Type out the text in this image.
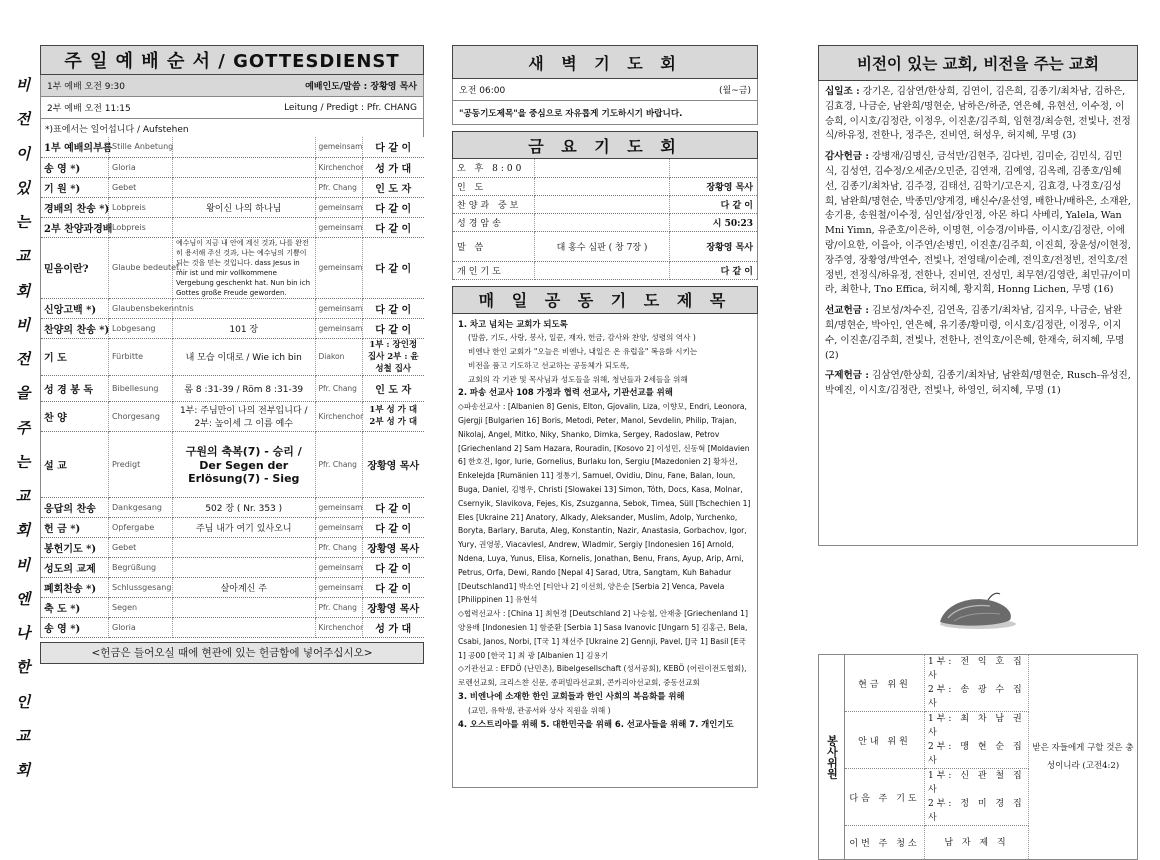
비
전
이
있
는
교
회
비
전
을
주
는
교
회
비
엔
나
한
인
교
회
주 일 예 배 순 서 / GOTTESDIENST
1부 예배 오전 9:30	예배인도/말씀 : 장황영 목사
2부 예배 오전 11:15	Leitung / Predigt : Pfr. CHANG
*)표에서는 일어섭니다 / Aufstehen
1부 예배의부름	Stille Anbetung		gemeinsam	다 같 이
송 영 *)	Gloria		Kirchenchor	성 가 대
기 원 *)	Gebet		Pfr. Chang	인 도 자
경배의 찬송 *)	Lobpreis	왕이신 나의 하나님	gemeinsam	다 같 이
2부 찬양과경배	Lobpreis		gemeinsam	다 같 이
믿음이란?	Glaube bedeutet,	예수님이 지금 내 안에 계신 것과, 나를 완전히 용서해 주신 것과, 나는 예수님의 기쁨이 되는 것을 믿는 것입니다. dass Jesus in mir ist und mir vollkommene Vergebung geschenkt hat. Nun bin ich Gottes große Freude geworden.	gemeinsam	다 같 이
신앙고백 *)	Glaubensbekenntnis		gemeinsam	다 같 이
찬양의 찬송 *)	Lobgesang	101 장	gemeinsam	다 같 이
기 도	Fürbitte	내 모습 이대로 / Wie ich bin	Diakon	1부 : 장인정 집사 2부 : 윤성철 집사
성 경 봉 독	Bibellesung	롬 8 :31-39 / Röm 8 :31-39	Pfr. Chang	인 도 자
찬 양	Chorgesang	1부: 주님만이 나의 전부입니다 / 2부: 높이세 그 이름 예수	Kirchenchor	1부 성 가 대 2부 성 가 대
설 교	Predigt	구원의 축복(7) - 승리 / Der Segen der Erlösung(7) - Sieg	Pfr. Chang	장황영 목사
응답의 찬송	Dankgesang	502 장 ( Nr. 353 )	gemeinsam	다 같 이
헌 금 *)	Opfergabe	주님 내가 여기 있사오니	gemeinsam	다 같 이
봉헌기도 *)	Gebet		Pfr. Chang	장황영 목사
성도의 교제	Begrüßung		gemeinsam	다 같 이
폐회찬송 *)	Schlussgesang	살아계신 주	gemeinsam	다 같 이
축 도 *)	Segen		Pfr. Chang	장황영 목사
송 영 *)	Gloria		Kirchenchor	성 가 대
<헌금은 들어오실 때에 현관에 있는 헌금함에 넣어주십시오>
새 벽 기 도 회
오전 06:00	(월~금)
"공동기도제목"을 중심으로 자유롭게 기도하시기 바랍니다.
금 요 기 도 회
오 후 8:00		
인 도		장황영 목사
찬양과 중보		다 같 이
성경암송		시 50:23
말 씀	대 홍수 심판 ( 창 7장 )	장황영 목사
개인기도		다 같 이
매 일 공 동 기 도 제 목
1. 차고 넘치는 교회가 되도록
(말씀, 기도, 사랑, 봉사, 일꾼, 재자, 헌금, 감사와 찬양, 성령의 역사 )
비엔나 한인 교회가 "오늘은 비엔나, 내일은 온 유럽을" 복음화 시키는
비전을 품고 기도하고 선교하는 공동체가 되도록,
교회의 각 기관 및 목사님과 성도들을 위해, 청년들과 2세들을 위해
2. 파송 선교사 108 가정과 협력 선교사, 기관선교를 위해
◇파송선교사 : [Albanien 8] Genis, Elton, Gjovalin, Liza, 이향모, Endri, Leonora, Gjergji [Bulgarien 16] Boris, Metodi, Peter, Manol, Sevdelin, Philip, Trajan, Nikolaj, Angel, Mitko, Niky, Shanko, Dimka, Sergey, Radoslaw, Petrov [Griechenland 2] Sam Hazara, Rouradin, [Kosovo 2] 이성민, 신동혁 [Moldavien 6] 한호진, Igor, Iurie, Gornelius, Burlaku Ion, Sergiu [Mazedonien 2] 황차선, Enkelejda [Rumänien 11] 정통기, Samuel, Ovidiu, Dinu, Fane, Balan, Ioun, Buga, Daniel, 김병우, Christi [Slowakei 13] Simon, Tóth, Docs, Kasa, Molnar, Csernyik, Slavikova, Fejes, Kis, Zsuzganna, Sebok, Timea, Süll [Tschechien 1] Eles [Ukraine 21] Anatory, Alkady, Aleksander, Muslim, Adolp, Yurchenko, Boryta, Barlary, Baruta, Aleg, Konstantin, Nazir, Anastasia, Gorbachov, Igor, Yury, 권영봉, Viacavlesl, Andrew, Wladmir, Sergiy [Indonesien 16] Arnold, Ndena, Luya, Yunus, Elisa, Kornelis, Jonathan, Benu, Frans, Ayup, Arip, Arni, Petrus, Orfa, Dewi, Rando [Nepal 4] Sarad, Utra, Sangtam, Kuh Bahadur [Deutschland1] 박소연 [티안나 2] 이선희, 양은순 [Serbia 2] Venca, Pavela [Philippinen 1] 유현석
◇협력선교사 : [China 1] 최현경 [Deutschland 2] 나승철, 안재충 [Griechenland 1] 양용배 [Indonesien 1] 함준환 [Serbia 1] Sasa Ivanovic [Ungarn 5] 김홍근, Bela, Csabi, Janos, Norbi, [T국 1] 채선주 [Ukraine 2] Gennji, Pavel, [J국 1] Basil [E국 1] 공00 [한국 1] 최 광 [Albanien 1] 김용기
◇기관선교 : EFDÖ (난민촌), Bibelgesellschaft (성서공회), KEBÖ (어린이전도협회), 로렌선교회, 크리스챤 신문, 종퍼빌라선교회, 콘카리아선교회, 중동선교회
3. 비엔나에 소재한 한인 교회들과 한인 사회의 복음화를 위해
(교민, 유학생, 관공서와 상사 직원을 위해 )
4. 오스트리아를 위해 5. 대한민국을 위해 6. 선교사들을 위해 7. 개인기도
비전이 있는 교회, 비전을 주는 교회

십일조 : 강기온, 김삼연/한상희, 김연이, 김은희, 김종기/최차남, 김하은, 김효경, 나금순, 남완희/명현순, 남하은/하준, 연은혜, 유현선, 이수정, 이승희, 이시호/김정란, 이정우, 이진훈/김주희, 임현경/최승현, 전빛나, 전정식/하유정, 전한나, 정주은, 진비연, 허성우, 허지혜, 무명 (3)

감사헌금 : 강병재/김명신, 금석만/김현주, 김다빈, 김미순, 김민식, 김민식, 김성연, 김수정/오세준/오민준, 김연재, 김예영, 김옥례, 김종호/임혜선, 김종기/최차남, 김주경, 김태선, 김학기/고은지, 김효경, 나경호/김성희, 남완희/명현순, 박종민/양계경, 배신수/윤선영, 배한나/배하은, 소재완, 송기용, 송원철/이수정, 심인섭/장인정, 아몬 하디 사베리, Yalela, Wan Mni Yimn, 유준호/이은하, 이명현, 이승경/이바름, 이시호/김정란, 이에랑/이요한, 이을아, 이주연/손병민, 이진훈/김주희, 이진희, 장윤성/이현정, 장주영, 장황영/박연수, 전빛나, 전영태/이순례, 전익호/전정빈, 전익호/전정빈, 전정식/하유정, 전한나, 진비연, 진성민, 최무현/김영란, 최민규/이미라, 최한나, Tno Effica, 허지혜, 황지희, Honng Lichen, 무명 (16)

선교헌금 : 김보성/차수진, 김연옥, 김종기/최차남, 김지우, 나금순, 남완희/명현순, 박아인, 연은혜, 유기종/황미령, 이시호/김정란, 이정우, 이지수, 이진훈/김주희, 전빛나, 전한나, 전익호/이은혜, 한재숙, 허지혜, 무명 (2)

구제헌금 : 김삼연/한상희, 김종기/최차남, 남완희/명현순, Rusch-유성진, 박예진, 이시호/김정란, 전빛나, 하영인, 허지혜, 무명 (1)

봉사위원	현금 위원	1부: 전 익 호 집 사
2부: 송 광 수 집 사	받은 자들에게 구할 것은 충성이니라 (고전4:2)
	안내 위원	1부: 최 차 남 권 사
2부: 맹 현 순 집 사	

	다음 주 기도	1부: 신 관 철 집 사
2부: 정 미 경 집 사	

	이번 주 청소	남 자 제 직	
